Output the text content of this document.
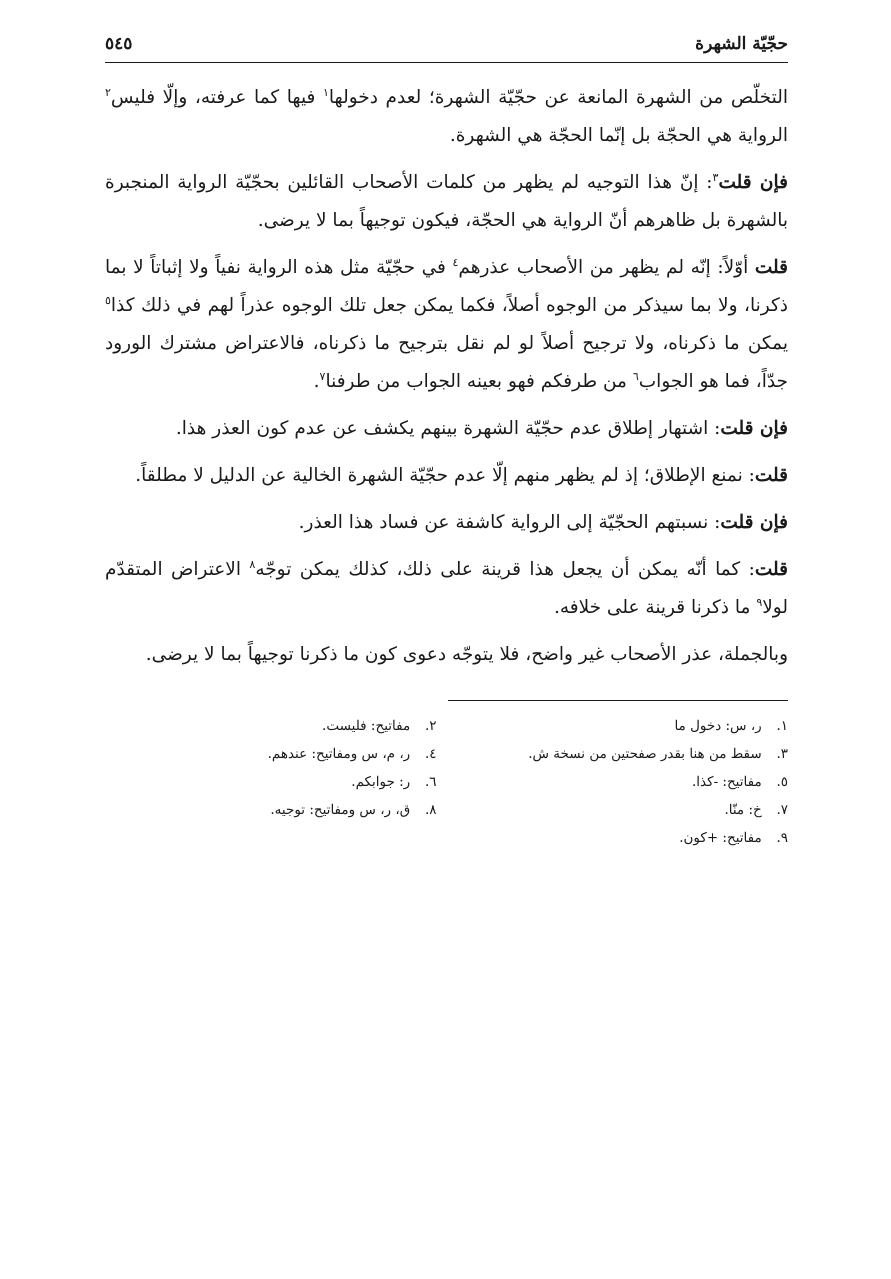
حجّيّة الشهرة
٥٤٥

التخلّص من الشهرة المانعة عن حجّيّة الشهرة؛ لعدم دخولها$^١$ فيها كما عرفته، وإلّا فليس$^٢$ الرواية هي الحجّة بل إنّما الحجّة هي الشهرة.

فإن قلت$^٣$: إنّ هذا التوجيه لم يظهر من كلمات الأصحاب القائلين بحجّيّة الرواية المنجبرة بالشهرة بل ظاهرهم أنّ الرواية هي الحجّة، فيكون توجيهاً بما لا يرضى.

قلت أوّلاً: إنّه لم يظهر من الأصحاب عذرهم$^٤$ في حجّيّة مثل هذه الرواية نفياً ولا إثباتاً لا بما ذكرنا، ولا بما سيذكر من الوجوه أصلاً، فكما يمكن جعل تلك الوجوه عذراً لهم في ذلك كذا$^٥$ يمكن ما ذكرناه، ولا ترجيح أصلاً لو لم نقل بترجيح ما ذكرناه، فالاعتراض مشترك الورود جدّاً، فما هو الجواب$^٦$ من طرفكم فهو بعينه الجواب من طرفنا$^٧$.

فإن قلت: اشتهار إطلاق عدم حجّيّة الشهرة بينهم يكشف عن عدم كون العذر هذا.

قلت: نمنع الإطلاق؛ إذ لم يظهر منهم إلّا عدم حجّيّة الشهرة الخالية عن الدليل لا مطلقاً.

فإن قلت: نسبتهم الحجّيّة إلى الرواية كاشفة عن فساد هذا العذر.

قلت: كما أنّه يمكن أن يجعل هذا قرينة على ذلك، كذلك يمكن توجّه$^٨$ الاعتراض المتقدّم لولا$^٩$ ما ذكرنا قرينة على خلافه.

وبالجملة، عذر الأصحاب غير واضح، فلا يتوجّه دعوى كون ما ذكرنا توجيهاً بما لا يرضى.

١. ر، س: دخول ما
٢. مفاتيح: فليست.
٣. سقط من هنا بقدر صفحتين من نسخة ش.
٤. ر، م، س ومفاتيح: عندهم.
٥. مفاتيح: -كذا.
٦. ر: جوابكم.
٧. خ: منّا.
٨. ق، ر، س ومفاتيح: توجيه.
٩. مفاتيح: +كون.
